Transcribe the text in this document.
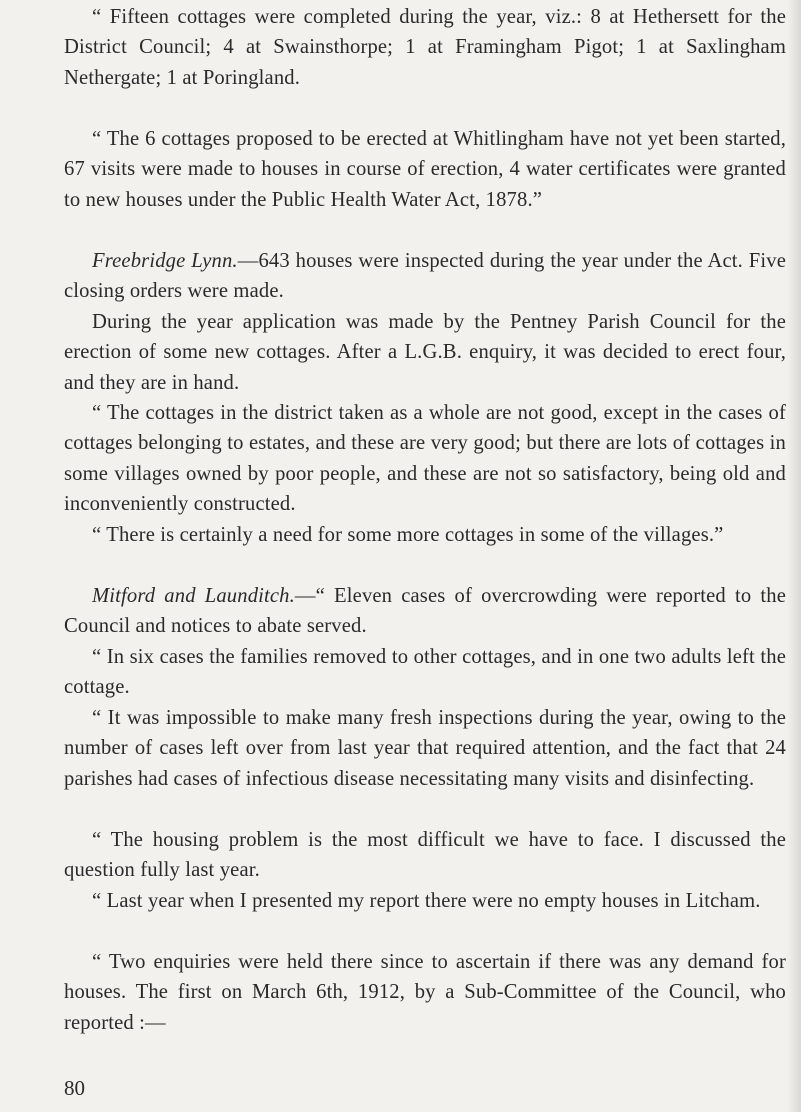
“ Fifteen cottages were completed during the year, viz.: 8 at Hethersett for the District Council; 4 at Swainsthorpe; 1 at Framingham Pigot; 1 at Saxlingham Nethergate; 1 at Poringland.

“ The 6 cottages proposed to be erected at Whitlingham have not yet been started, 67 visits were made to houses in course of erection, 4 water certificates were granted to new houses under the Public Health Water Act, 1878.”

Freebridge Lynn.—643 houses were inspected during the year under the Act. Five closing orders were made.

During the year application was made by the Pentney Parish Council for the erection of some new cottages. After a L.G.B. enquiry, it was decided to erect four, and they are in hand.

“ The cottages in the district taken as a whole are not good, except in the cases of cottages belonging to estates, and these are very good; but there are lots of cottages in some villages owned by poor people, and these are not so satisfactory, being old and inconveniently constructed.

“ There is certainly a need for some more cottages in some of the villages.”

Mitford and Launditch.—“ Eleven cases of overcrowding were reported to the Council and notices to abate served.

“ In six cases the families removed to other cottages, and in one two adults left the cottage.

“ It was impossible to make many fresh inspections during the year, owing to the number of cases left over from last year that required attention, and the fact that 24 parishes had cases of infectious disease necessitating many visits and disinfecting.

“ The housing problem is the most difficult we have to face. I discussed the question fully last year.

“ Last year when I presented my report there were no empty houses in Litcham.

“ Two enquiries were held there since to ascertain if there was any demand for houses. The first on March 6th, 1912, by a Sub-Committee of the Council, who reported :—

80
